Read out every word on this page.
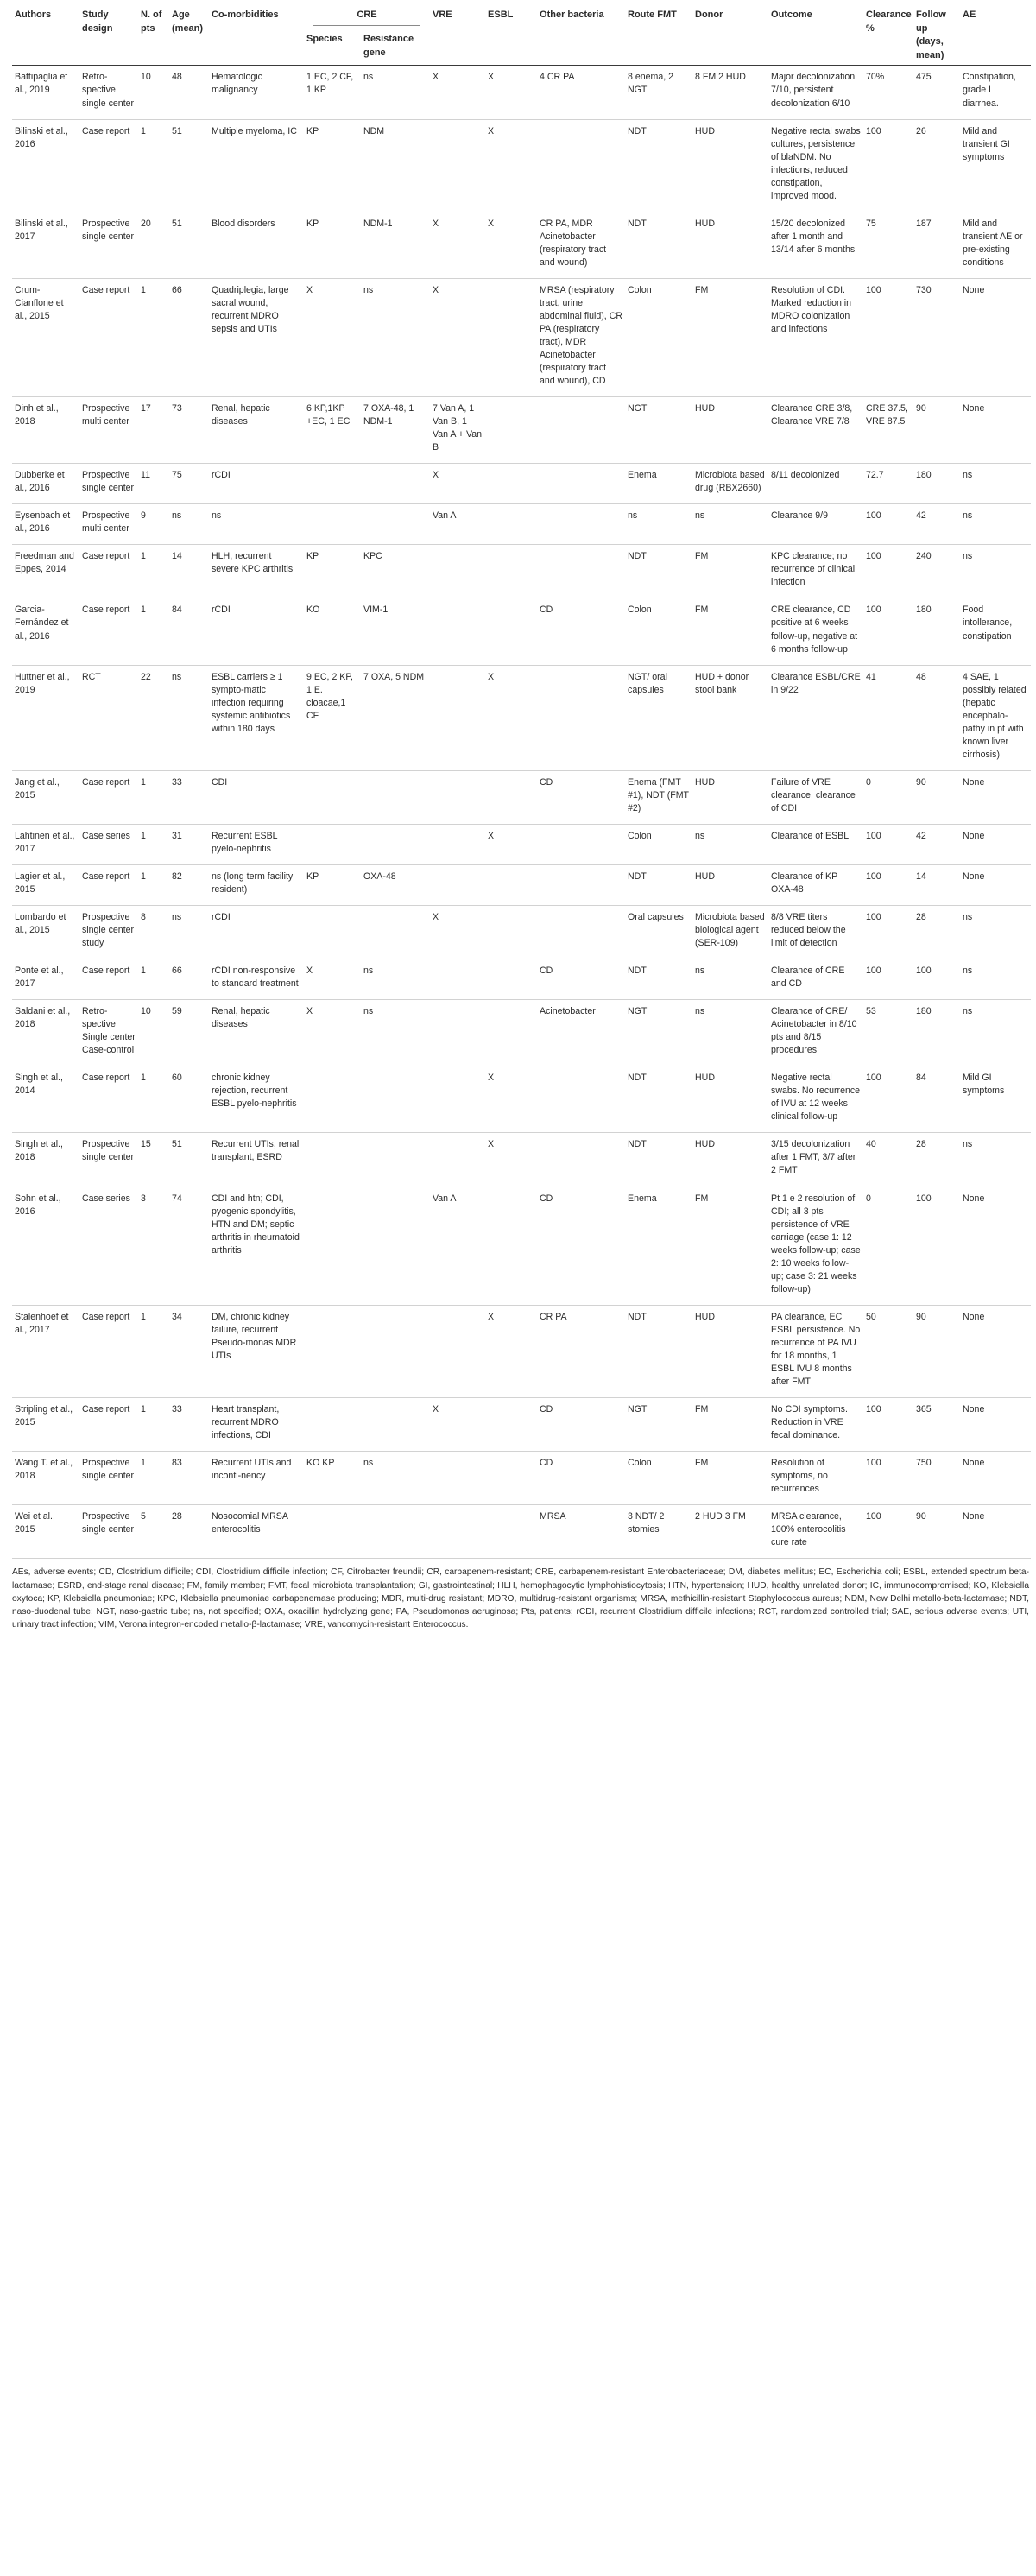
Authors	Study design	N. of pts	Age (mean)	Co-morbidities	CRE		VRE	ESBL	Other bacteria	Route FMT	Donor	Outcome	Clearance %	Follow up (days, mean)	AE
					Species	Resistance gene									
Battipaglia et al., 2019	Retro-spective single center	10	48	Hematologic malignancy	1 EC, 2 CF, 1 KP	ns	X	X	4 CR PA	8 enema, 2 NGT	8 FM 2 HUD	Major decolonization 7/10, persistent decolonization 6/10	70%	475	Constipation, grade I diarrhea.
Bilinski et al., 2016	Case report	1	51	Multiple myeloma, IC	KP	NDM		X		NDT	HUD	Negative rectal swabs cultures, persistence of blaNDM. No infections, reduced constipation, improved mood.	100	26	Mild and transient GI symptoms
Bilinski et al., 2017	Prospective single center	20	51	Blood disorders	KP	NDM-1	X	X	CR PA, MDR Acinetobacter (respiratory tract and wound)	NDT	HUD	15/20 decolonized after 1 month and 13/14 after 6 months	75	187	Mild and transient AE or pre-existing conditions
Crum-Cianflone et al., 2015	Case report	1	66	Quadriplegia, large sacral wound, recurrent MDRO sepsis and UTIs	X	ns	X		MRSA (respiratory tract, urine, abdominal fluid), CR PA (respiratory tract), MDR Acinetobacter (respiratory tract and wound), CD	Colon	FM	Resolution of CDI. Marked reduction in MDRO colonization and infections	100	730	None
Dinh et al., 2018	Prospective multi center	17	73	Renal, hepatic diseases	6 KP,1KP +EC, 1 EC	7 OXA-48, 1 NDM-1	7 Van A, 1 Van B, 1 Van A + Van B			NGT	HUD	Clearance CRE 3/8, Clearance VRE 7/8	CRE 37.5, VRE 87.5	90	None
Dubberke et al., 2016	Prospective single center	11	75	rCDI			X			Enema	Microbiota based drug (RBX2660)	8/11 decolonized	72.7	180	ns
Eysenbach et al., 2016	Prospective multi center	9	ns	ns			Van A			ns	ns	Clearance 9/9	100	42	ns
Freedman and Eppes, 2014	Case report	1	14	HLH, recurrent severe KPC arthritis	KP	KPC				NDT	FM	KPC clearance; no recurrence of clinical infection	100	240	ns
Garcia-Fernández et al., 2016	Case report	1	84	rCDI	KO	VIM-1			CD	Colon	FM	CRE clearance, CD positive at 6 weeks follow-up, negative at 6 months follow-up	100	180	Food intollerance, constipation
Huttner et al., 2019	RCT	22	ns	ESBL carriers ≥ 1 sympto-matic infection requiring systemic antibiotics within 180 days	9 EC, 2 KP, 1 E. cloacae,1 CF	7 OXA, 5 NDM		X		NGT/ oral capsules	HUD + donor stool bank	Clearance ESBL/CRE in 9/22	41	48	4 SAE, 1 possibly related (hepatic encephalo-pathy in pt with known liver cirrhosis)
Jang et al., 2015	Case report	1	33	CDI					CD	Enema (FMT #1), NDT (FMT #2)	HUD	Failure of VRE clearance, clearance of CDI	0	90	None
Lahtinen et al., 2017	Case series	1	31	Recurrent ESBL pyelo-nephritis				X		Colon	ns	Clearance of ESBL	100	42	None
Lagier et al., 2015	Case report	1	82	ns (long term facility resident)	KP	OXA-48				NDT	HUD	Clearance of KP OXA-48	100	14	None
Lombardo et al., 2015	Prospective single center study	8	ns	rCDI			X			Oral capsules	Microbiota based biological agent (SER-109)	8/8 VRE titers reduced below the limit of detection	100	28	ns
Ponte et al., 2017	Case report	1	66	rCDI non-responsive to standard treatment	X	ns			CD	NDT	ns	Clearance of CRE and CD	100	100	ns
Saldani et al., 2018	Retro-spective Single center Case-control	10	59	Renal, hepatic diseases	X	ns			Acinetobacter	NGT	ns	Clearance of CRE/ Acinetobacter in 8/10 pts and 8/15 procedures	53	180	ns
Singh et al., 2014	Case report	1	60	chronic kidney rejection, recurrent ESBL pyelo-nephritis				X		NDT	HUD	Negative rectal swabs. No recurrence of IVU at 12 weeks clinical follow-up	100	84	Mild GI symptoms
Singh et al., 2018	Prospective single center	15	51	Recurrent UTIs, renal transplant, ESRD				X		NDT	HUD	3/15 decolonization after 1 FMT, 3/7 after 2 FMT	40	28	ns
Sohn et al., 2016	Case series	3	74	CDI and htn; CDI, pyogenic spondylitis, HTN and DM; septic arthritis in rheumatoid arthritis			Van A		CD	Enema	FM	Pt 1 e 2 resolution of CDI; all 3 pts persistence of VRE carriage (case 1: 12 weeks follow-up; case 2: 10 weeks follow-up; case 3: 21 weeks follow-up)	0	100	None
Stalenhoef et al., 2017	Case report	1	34	DM, chronic kidney failure, recurrent Pseudo-monas MDR UTIs				X	CR PA	NDT	HUD	PA clearance, EC ESBL persistence. No recurrence of PA IVU for 18 months, 1 ESBL IVU 8 months after FMT	50	90	None
Stripling et al., 2015	Case report	1	33	Heart transplant, recurrent MDRO infections, CDI			X		CD	NGT	FM	No CDI symptoms. Reduction in VRE fecal dominance.	100	365	None
Wang T. et al., 2018	Prospective single center	1	83	Recurrent UTIs and inconti-nency	KO KP	ns			CD	Colon	FM	Resolution of symptoms, no recurrences	100	750	None
Wei et al., 2015	Prospective single center	5	28	Nosocomial MRSA enterocolitis					MRSA	3 NDT/ 2 stomies	2 HUD 3 FM	MRSA clearance, 100% enterocolitis cure rate	100	90	None
AEs, adverse events; CD, Clostridium difficile; CDI, Clostridium difficile infection; CF, Citrobacter freundii; CR, carbapenem-resistant; CRE, carbapenem-resistant Enterobacteriaceae; DM, diabetes mellitus; EC, Escherichia coli; ESBL, extended spectrum beta-lactamase; ESRD, end-stage renal disease; FM, family member; FMT, fecal microbiota transplantation; GI, gastrointestinal; HLH, hemophagocytic lymphohistiocytosis; HTN, hypertension; HUD, healthy unrelated donor; IC, immunocompromised; KO, Klebsiella oxytoca; KP, Klebsiella pneumoniae; KPC, Klebsiella pneumoniae carbapenemase producing; MDR, multi-drug resistant; MDRO, multidrug-resistant organisms; MRSA, methicillin-resistant Staphylococcus aureus; NDM, New Delhi metallo-beta-lactamase; NDT, naso-duodenal tube; NGT, naso-gastric tube; ns, not specified; OXA, oxacillin hydrolyzing gene; PA, Pseudomonas aeruginosa; Pts, patients; rCDI, recurrent Clostridium difficile infections; RCT, randomized controlled trial; SAE, serious adverse events; UTI, urinary tract infection; VIM, Verona integron-encoded metallo-β-lactamase; VRE, vancomycin-resistant Enterococcus.
